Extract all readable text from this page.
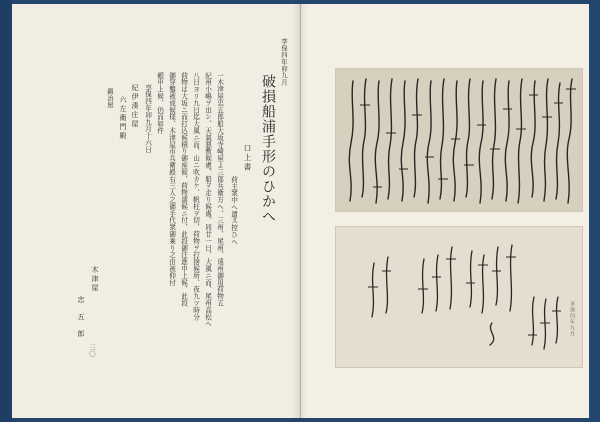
享保四年卯九月
破損船浦手形のひかへ
口上書
荷主衆中へ遣ス控ひへ
一木津屋忠五郎船大坂寺崎屋よ三郎兵衛方へ、三州、尾州、遠州御用荷物五
紀州小嶋ヲ出シ、天氣悪敷候處、船ヲ走り候處、同廿一日、大風ニ而、尾州高松へ
八日ヨリ九日迄大風ニ而、山ニ吹カケ、帆柱ヲ切、荷物ヲ打捨候所、夜九ツ時分
荷物は大坂ニ而打込候積り御座候、荷物濡候ニ付、此段御注進申上候、此段
御穿鑿被成候様、木津屋市兵衛殿右三人之御手代衆御乘り之由被仰付
頼申上候、仍而如件
享保四年卯九月十六日
紀伊湊庄屋
六左衛門殿
鍛冶屋
木津屋
忠五郎
三〇
享保四年九月
